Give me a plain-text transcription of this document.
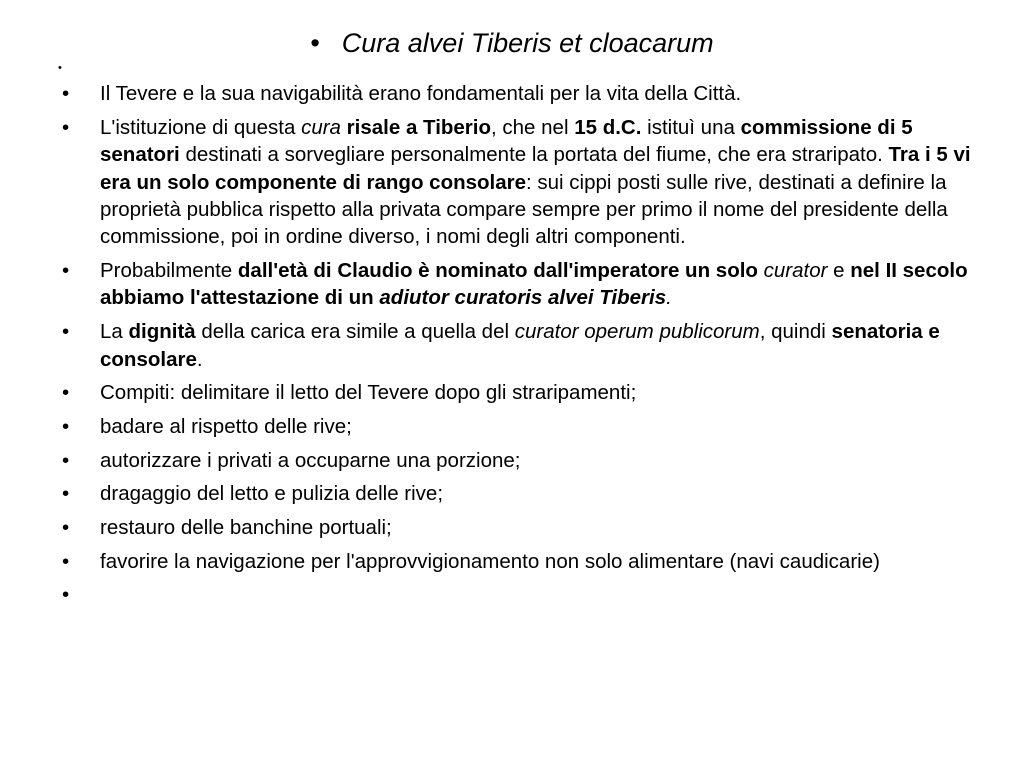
• Cura alvei Tiberis et cloacarum
•
•	Il Tevere e la sua navigabilità erano fondamentali per la vita della Città.
•	L'istituzione di questa cura risale a Tiberio, che nel 15 d.C. istituì una commissione di 5 senatori destinati a sorvegliare personalmente la portata del fiume, che era straripato. Tra i 5 vi era un solo componente di rango consolare: sui cippi posti sulle rive, destinati a definire la proprietà pubblica rispetto alla privata compare sempre per primo il nome del presidente della commissione, poi in ordine diverso, i nomi degli altri componenti.
•	Probabilmente dall'età di Claudio è nominato dall'imperatore un solo curator e nel II secolo abbiamo l'attestazione di un adiutor curatoris alvei Tiberis.
•	La dignità della carica era simile a quella del curator operum publicorum, quindi senatoria e consolare.
•	Compiti: delimitare il letto del Tevere dopo gli straripamenti;
•	badare al rispetto delle rive;
•	autorizzare i privati a occuparne una porzione;
•	dragaggio del letto e pulizia delle rive;
•	restauro delle banchine portuali;
•	favorire la navigazione per l'approvvigionamento non solo alimentare (navi caudicarie)
•
